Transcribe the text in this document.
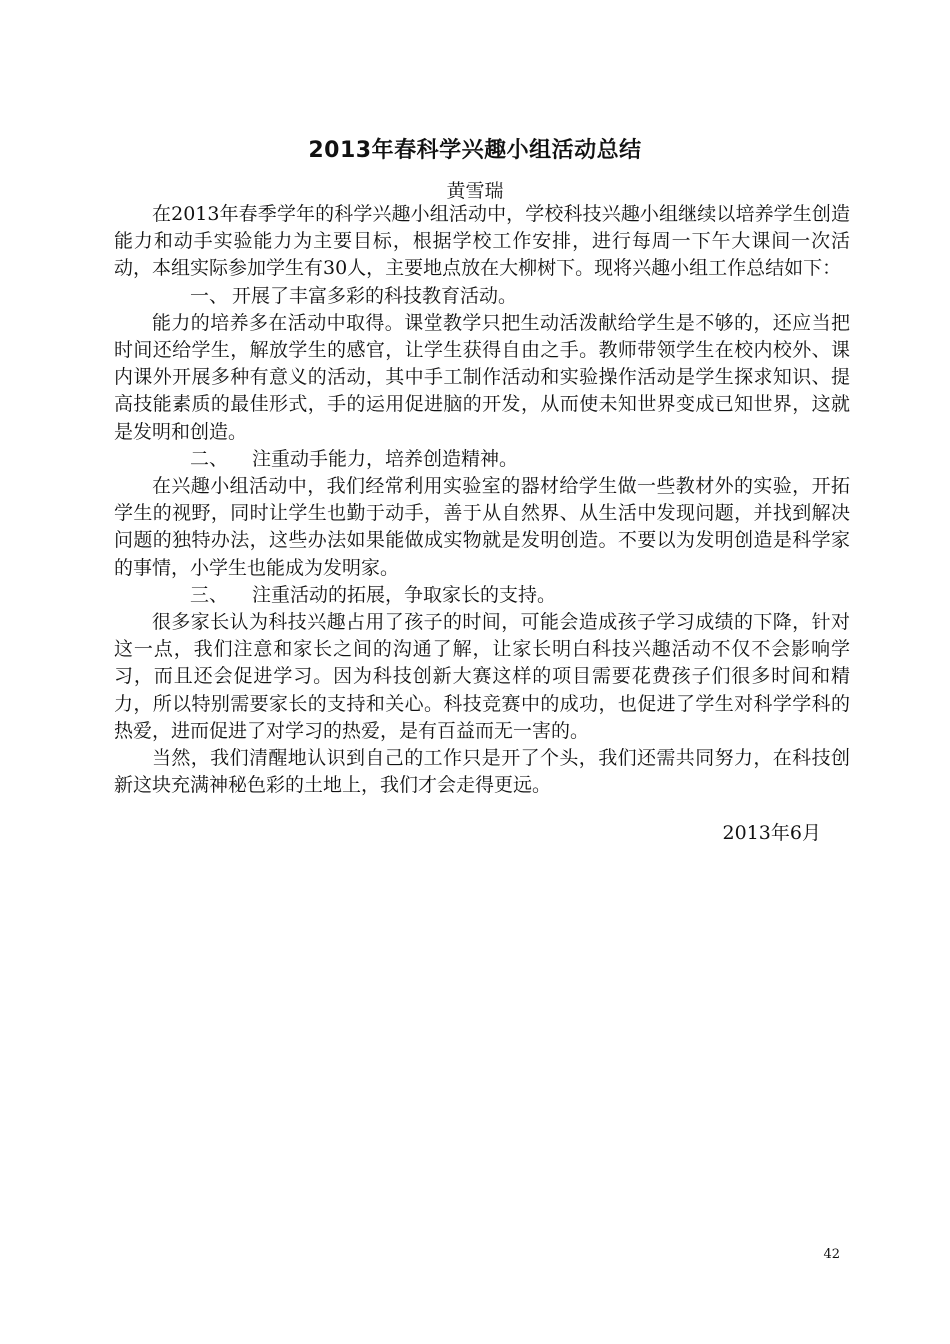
2013年春科学兴趣小组活动总结
黄雪瑞

在2013年春季学年的科学兴趣小组活动中，学校科技兴趣小组继续以培养学生创造能力和动手实验能力为主要目标，根据学校工作安排，进行每周一下午大课间一次活动，本组实际参加学生有30人，主要地点放在大柳树下。现将兴趣小组工作总结如下：

一、 开展了丰富多彩的科技教育活动。

能力的培养多在活动中取得。课堂教学只把生动活泼献给学生是不够的，还应当把时间还给学生，解放学生的感官，让学生获得自由之手。教师带领学生在校内校外、课内课外开展多种有意义的活动，其中手工制作活动和实验操作活动是学生探求知识、提高技能素质的最佳形式，手的运用促进脑的开发，从而使未知世界变成已知世界，这就是发明和创造。

二、 注重动手能力，培养创造精神。

在兴趣小组活动中，我们经常利用实验室的器材给学生做一些教材外的实验，开拓学生的视野，同时让学生也勤于动手，善于从自然界、从生活中发现问题，并找到解决问题的独特办法，这些办法如果能做成实物就是发明创造。不要以为发明创造是科学家的事情，小学生也能成为发明家。

三、 注重活动的拓展，争取家长的支持。

很多家长认为科技兴趣占用了孩子的时间，可能会造成孩子学习成绩的下降，针对这一点，我们注意和家长之间的沟通了解，让家长明白科技兴趣活动不仅不会影响学习，而且还会促进学习。因为科技创新大赛这样的项目需要花费孩子们很多时间和精力，所以特别需要家长的支持和关心。科技竞赛中的成功，也促进了学生对科学学科的热爱，进而促进了对学习的热爱，是有百益而无一害的。

当然，我们清醒地认识到自己的工作只是开了个头，我们还需共同努力，在科技创新这块充满神秘色彩的土地上，我们才会走得更远。

2013年6月
42
